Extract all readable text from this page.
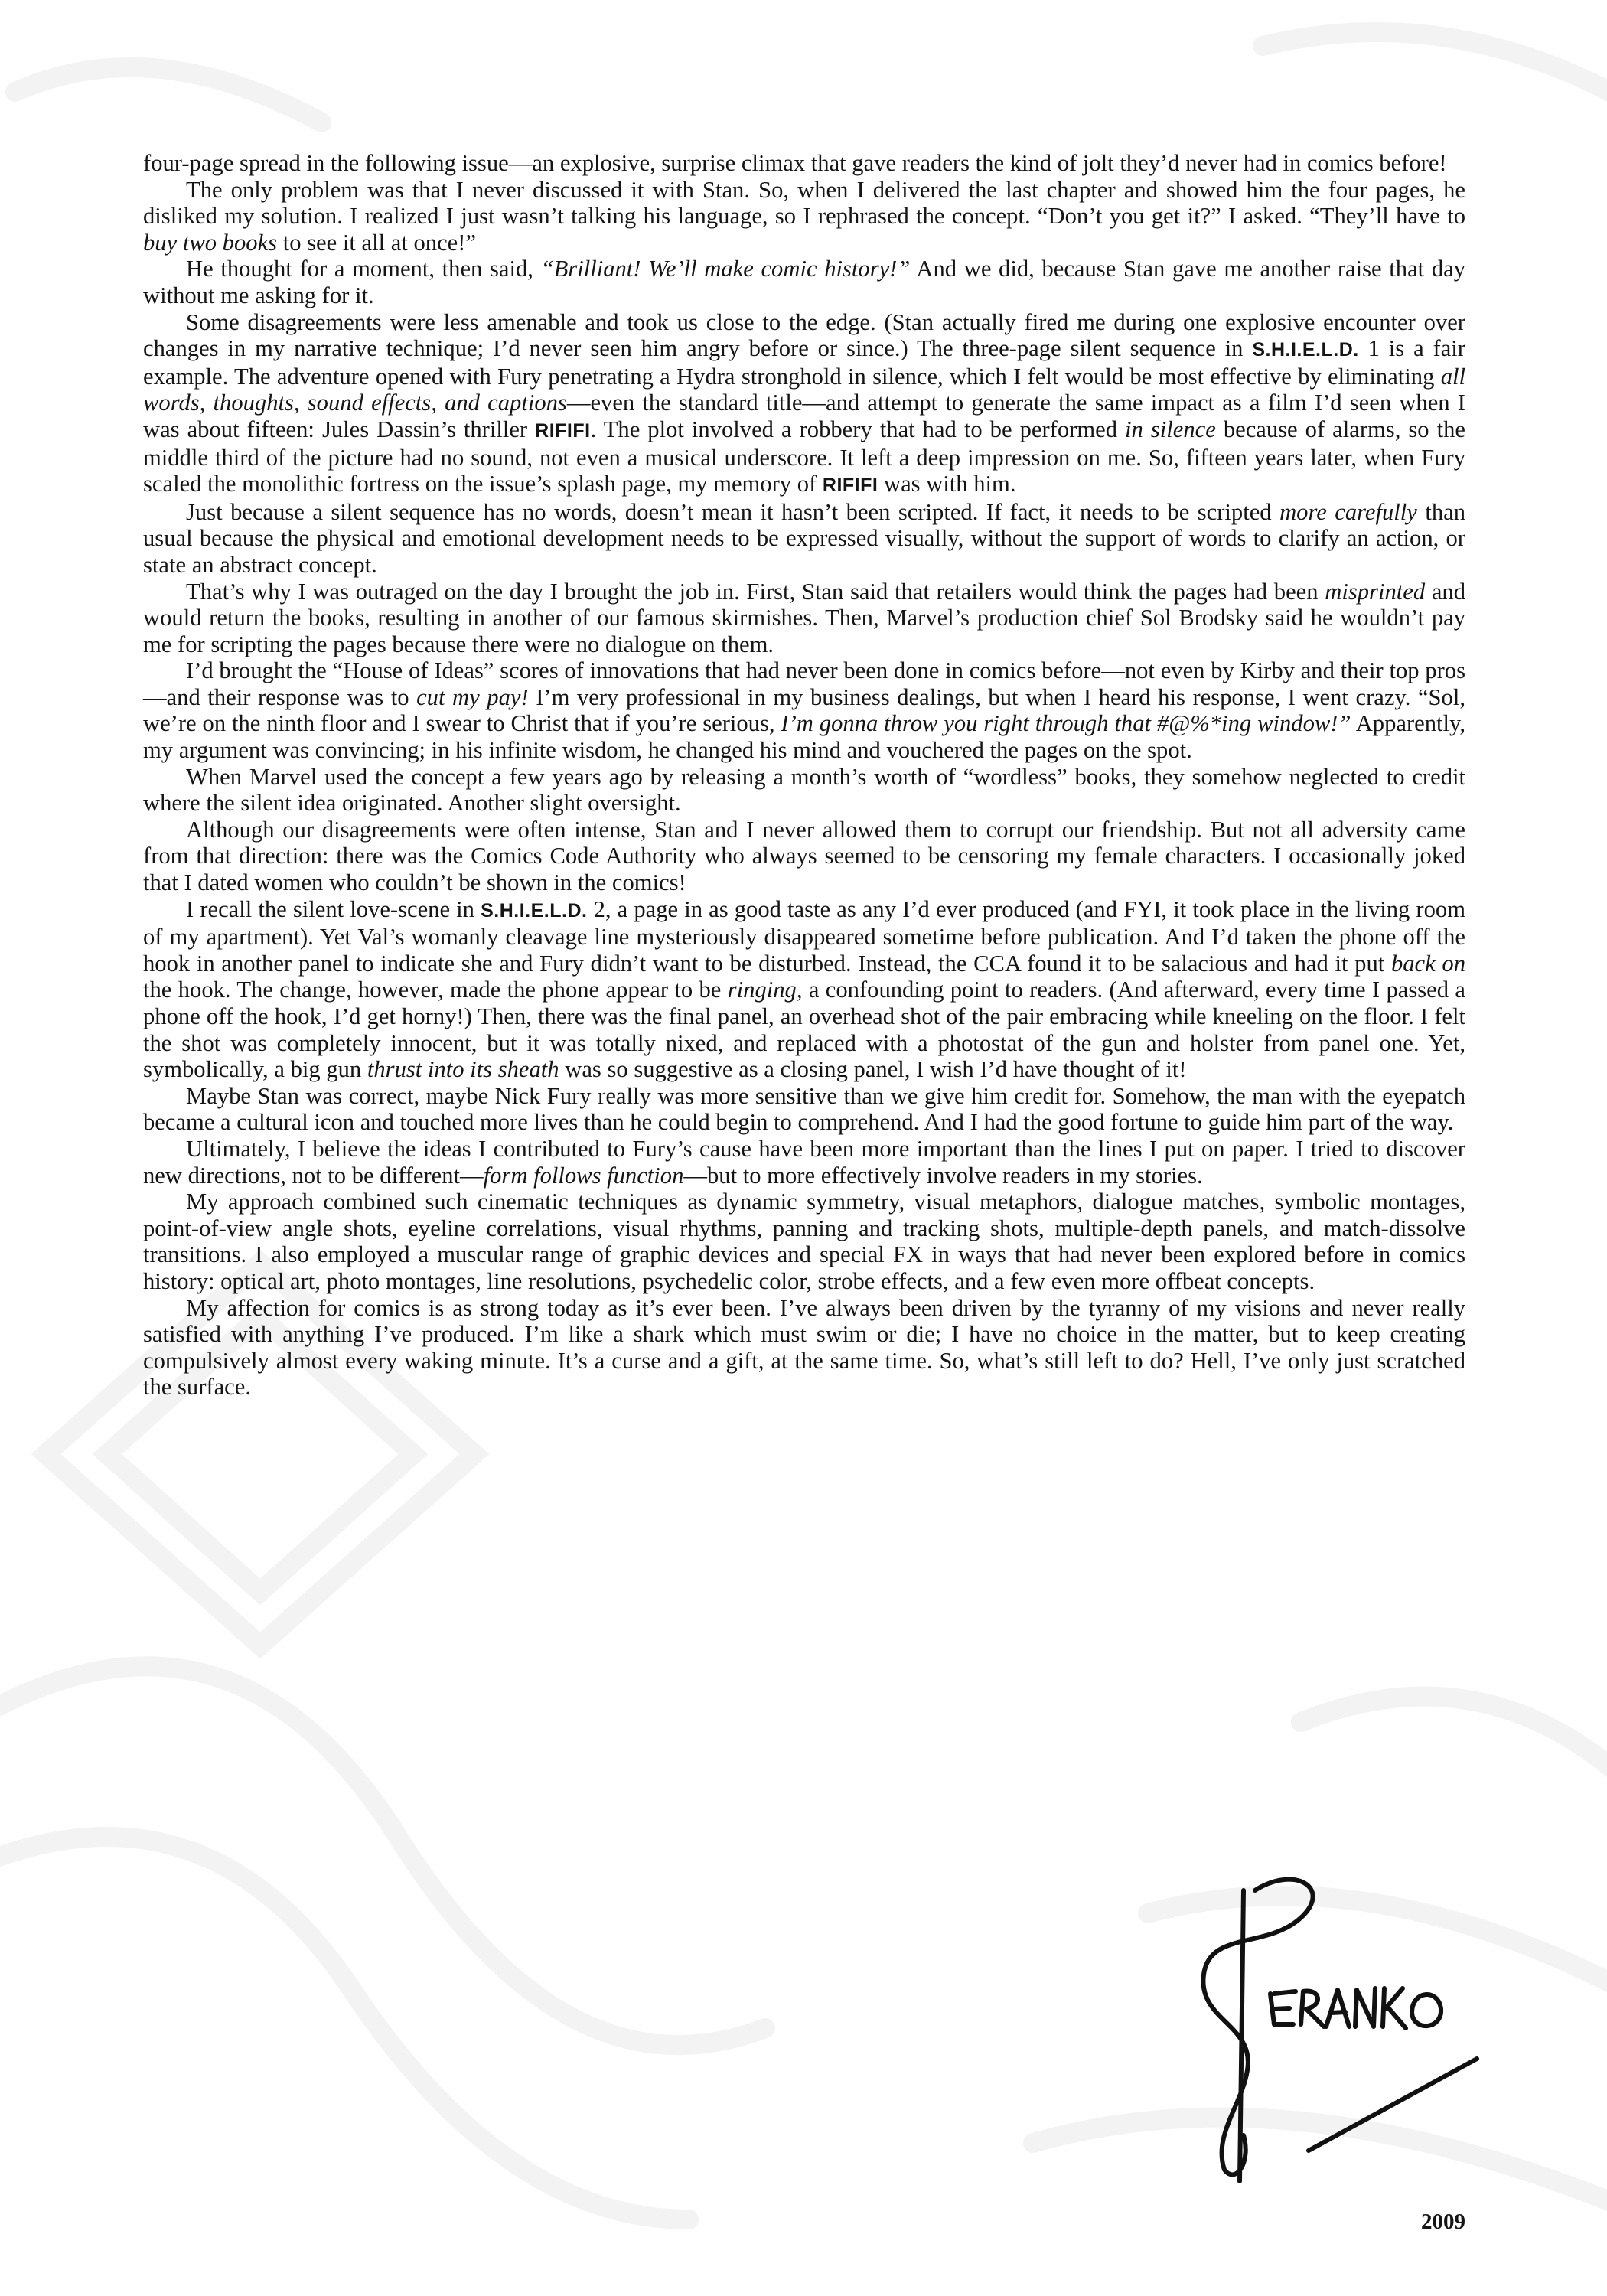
four-page spread in the following issue—an explosive, surprise climax that gave readers the kind of jolt they’d never had in comics before!

The only problem was that I never discussed it with Stan. So, when I delivered the last chapter and showed him the four pages, he disliked my solution. I realized I just wasn’t talking his language, so I rephrased the concept. “Don’t you get it?” I asked. “They’ll have to buy two books to see it all at once!”

He thought for a moment, then said, “Brilliant! We’ll make comic history!” And we did, because Stan gave me another raise that day without me asking for it.

Some disagreements were less amenable and took us close to the edge. (Stan actually fired me during one explosive encounter over changes in my narrative technique; I’d never seen him angry before or since.) The three-page silent sequence in S.H.I.E.L.D. 1 is a fair example. The adventure opened with Fury penetrating a Hydra stronghold in silence, which I felt would be most effective by eliminating all words, thoughts, sound effects, and captions—even the standard title—and attempt to generate the same impact as a film I’d seen when I was about fifteen: Jules Dassin’s thriller RIFIFI. The plot involved a robbery that had to be performed in silence because of alarms, so the middle third of the picture had no sound, not even a musical underscore. It left a deep impression on me. So, fifteen years later, when Fury scaled the monolithic fortress on the issue’s splash page, my memory of RIFIFI was with him.

Just because a silent sequence has no words, doesn’t mean it hasn’t been scripted. If fact, it needs to be scripted more carefully than usual because the physical and emotional development needs to be expressed visually, without the support of words to clarify an action, or state an abstract concept.

That’s why I was outraged on the day I brought the job in. First, Stan said that retailers would think the pages had been misprinted and would return the books, resulting in another of our famous skirmishes. Then, Marvel’s production chief Sol Brodsky said he wouldn’t pay me for scripting the pages because there were no dialogue on them.

I’d brought the “House of Ideas” scores of innovations that had never been done in comics before—not even by Kirby and their top pros—and their response was to cut my pay! I’m very professional in my business dealings, but when I heard his response, I went crazy. “Sol, we’re on the ninth floor and I swear to Christ that if you’re serious, I’m gonna throw you right through that #@%*ing window!” Apparently, my argument was convincing; in his infinite wisdom, he changed his mind and vouchered the pages on the spot.

When Marvel used the concept a few years ago by releasing a month’s worth of “wordless” books, they somehow neglected to credit where the silent idea originated. Another slight oversight.

Although our disagreements were often intense, Stan and I never allowed them to corrupt our friendship. But not all adversity came from that direction: there was the Comics Code Authority who always seemed to be censoring my female characters. I occasionally joked that I dated women who couldn’t be shown in the comics!

I recall the silent love-scene in S.H.I.E.L.D. 2, a page in as good taste as any I’d ever produced (and FYI, it took place in the living room of my apartment). Yet Val’s womanly cleavage line mysteriously disappeared sometime before publication. And I’d taken the phone off the hook in another panel to indicate she and Fury didn’t want to be disturbed. Instead, the CCA found it to be salacious and had it put back on the hook. The change, however, made the phone appear to be ringing, a confounding point to readers. (And afterward, every time I passed a phone off the hook, I’d get horny!) Then, there was the final panel, an overhead shot of the pair embracing while kneeling on the floor. I felt the shot was completely innocent, but it was totally nixed, and replaced with a photostat of the gun and holster from panel one. Yet, symbolically, a big gun thrust into its sheath was so suggestive as a closing panel, I wish I’d have thought of it!

Maybe Stan was correct, maybe Nick Fury really was more sensitive than we give him credit for. Somehow, the man with the eyepatch became a cultural icon and touched more lives than he could begin to comprehend. And I had the good fortune to guide him part of the way.

Ultimately, I believe the ideas I contributed to Fury’s cause have been more important than the lines I put on paper. I tried to discover new directions, not to be different—form follows function—but to more effectively involve readers in my stories.

My approach combined such cinematic techniques as dynamic symmetry, visual metaphors, dialogue matches, symbolic montages, point-of-view angle shots, eyeline correlations, visual rhythms, panning and tracking shots, multiple-depth panels, and match-dissolve transitions. I also employed a muscular range of graphic devices and special FX in ways that had never been explored before in comics history: optical art, photo montages, line resolutions, psychedelic color, strobe effects, and a few even more offbeat concepts.

My affection for comics is as strong today as it’s ever been. I’ve always been driven by the tyranny of my visions and never really satisfied with anything I’ve produced. I’m like a shark which must swim or die; I have no choice in the matter, but to keep creating compulsively almost every waking minute. It’s a curse and a gift, at the same time. So, what’s still left to do? Hell, I’ve only just scratched the surface.

2009
